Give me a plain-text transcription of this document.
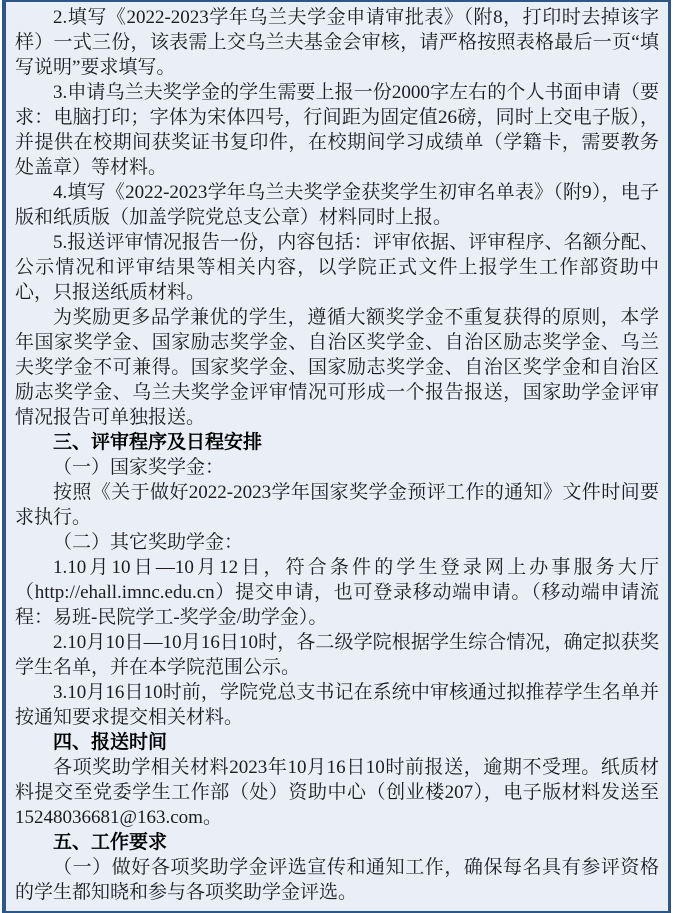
2.填写《2022-2023学年乌兰夫学金申请审批表》（附8，打印时去掉该字样）一式三份，该表需上交乌兰夫基金会审核，请严格按照表格最后一页“填写说明”要求填写。

3.申请乌兰夫奖学金的学生需要上报一份2000字左右的个人书面申请（要求：电脑打印；字体为宋体四号，行间距为固定值26磅，同时上交电子版），并提供在校期间获奖证书复印件，在校期间学习成绩单（学籍卡，需要教务处盖章）等材料。

4.填写《2022-2023学年乌兰夫奖学金获奖学生初审名单表》（附9），电子版和纸质版（加盖学院党总支公章）材料同时上报。

5.报送评审情况报告一份，内容包括：评审依据、评审程序、名额分配、公示情况和评审结果等相关内容，以学院正式文件上报学生工作部资助中心，只报送纸质材料。

为奖励更多品学兼优的学生，遵循大额奖学金不重复获得的原则，本学年国家奖学金、国家励志奖学金、自治区奖学金、自治区励志奖学金、乌兰夫奖学金不可兼得。国家奖学金、国家励志奖学金、自治区奖学金和自治区励志奖学金、乌兰夫奖学金评审情况可形成一个报告报送，国家助学金评审情况报告可单独报送。

三、评审程序及日程安排

（一）国家奖学金：

按照《关于做好2022-2023学年国家奖学金预评工作的通知》文件时间要求执行。

（二）其它奖助学金：

1.10月10日—10月12日，符合条件的学生登录网上办事服务大厅（http://ehall.imnc.edu.cn）提交申请，也可登录移动端申请。（移动端申请流程：易班-民院学工-奖学金/助学金）。

2.10月10日—10月16日10时，各二级学院根据学生综合情况，确定拟获奖学生名单，并在本学院范围公示。

3.10月16日10时前，学院党总支书记在系统中审核通过拟推荐学生名单并按通知要求提交相关材料。

四、报送时间

各项奖助学相关材料2023年10月16日10时前报送，逾期不受理。纸质材料提交至党委学生工作部（处）资助中心（创业楼207），电子版材料发送至15248036681@163.com。

五、工作要求

（一）做好各项奖助学金评选宣传和通知工作，确保每名具有参评资格的学生都知晓和参与各项奖助学金评选。
